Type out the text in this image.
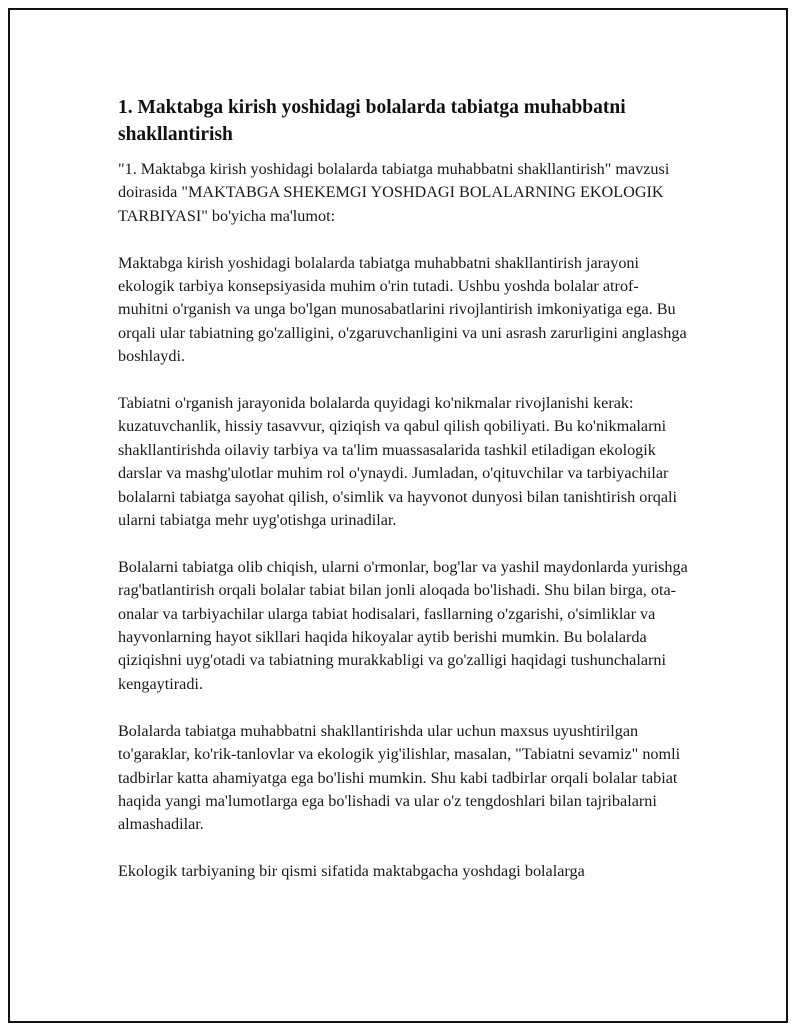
1. Maktabga kirish yoshidagi bolalarda tabiatga muhabbatni shakllantirish

"1. Maktabga kirish yoshidagi bolalarda tabiatga muhabbatni shakllantirish" mavzusi doirasida "MAKTABGA SHEKEMGI YOSHDAGI BOLALARNING EKOLOGIK TARBIYASI" bo'yicha ma'lumot:

Maktabga kirish yoshidagi bolalarda tabiatga muhabbatni shakllantirish jarayoni ekologik tarbiya konsepsiyasida muhim o'rin tutadi. Ushbu yoshda bolalar atrof-muhitni o'rganish va unga bo'lgan munosabatlarini rivojlantirish imkoniyatiga ega. Bu orqali ular tabiatning go'zalligini, o'zgaruvchanligini va uni asrash zarurligini anglashga boshlaydi.

Tabiatni o'rganish jarayonida bolalarda quyidagi ko'nikmalar rivojlanishi kerak: kuzatuvchanlik, hissiy tasavvur, qiziqish va qabul qilish qobiliyati. Bu ko'nikmalarni shakllantirishda oilaviy tarbiya va ta'lim muassasalarida tashkil etiladigan ekologik darslar va mashg'ulotlar muhim rol o'ynaydi. Jumladan, o'qituvchilar va tarbiyachilar bolalarni tabiatga sayohat qilish, o'simlik va hayvonot dunyosi bilan tanishtirish orqali ularni tabiatga mehr uyg'otishga urinadilar.

Bolalarni tabiatga olib chiqish, ularni o'rmonlar, bog'lar va yashil maydonlarda yurishga rag'batlantirish orqali bolalar tabiat bilan jonli aloqada bo'lishadi. Shu bilan birga, ota-onalar va tarbiyachilar ularga tabiat hodisalari, fasllarning o'zgarishi, o'simliklar va hayvonlarning hayot sikllari haqida hikoyalar aytib berishi mumkin. Bu bolalarda qiziqishni uyg'otadi va tabiatning murakkabligi va go'zalligi haqidagi tushunchalarni kengaytiradi.

Bolalarda tabiatga muhabbatni shakllantirishda ular uchun maxsus uyushtirilgan to'garaklar, ko'rik-tanlovlar va ekologik yig'ilishlar, masalan, "Tabiatni sevamiz" nomli tadbirlar katta ahamiyatga ega bo'lishi mumkin. Shu kabi tadbirlar orqali bolalar tabiat haqida yangi ma'lumotlarga ega bo'lishadi va ular o'z tengdoshlari bilan tajribalarni almashadilar.

Ekologik tarbiyaning bir qismi sifatida maktabgacha yoshdagi bolalarga
